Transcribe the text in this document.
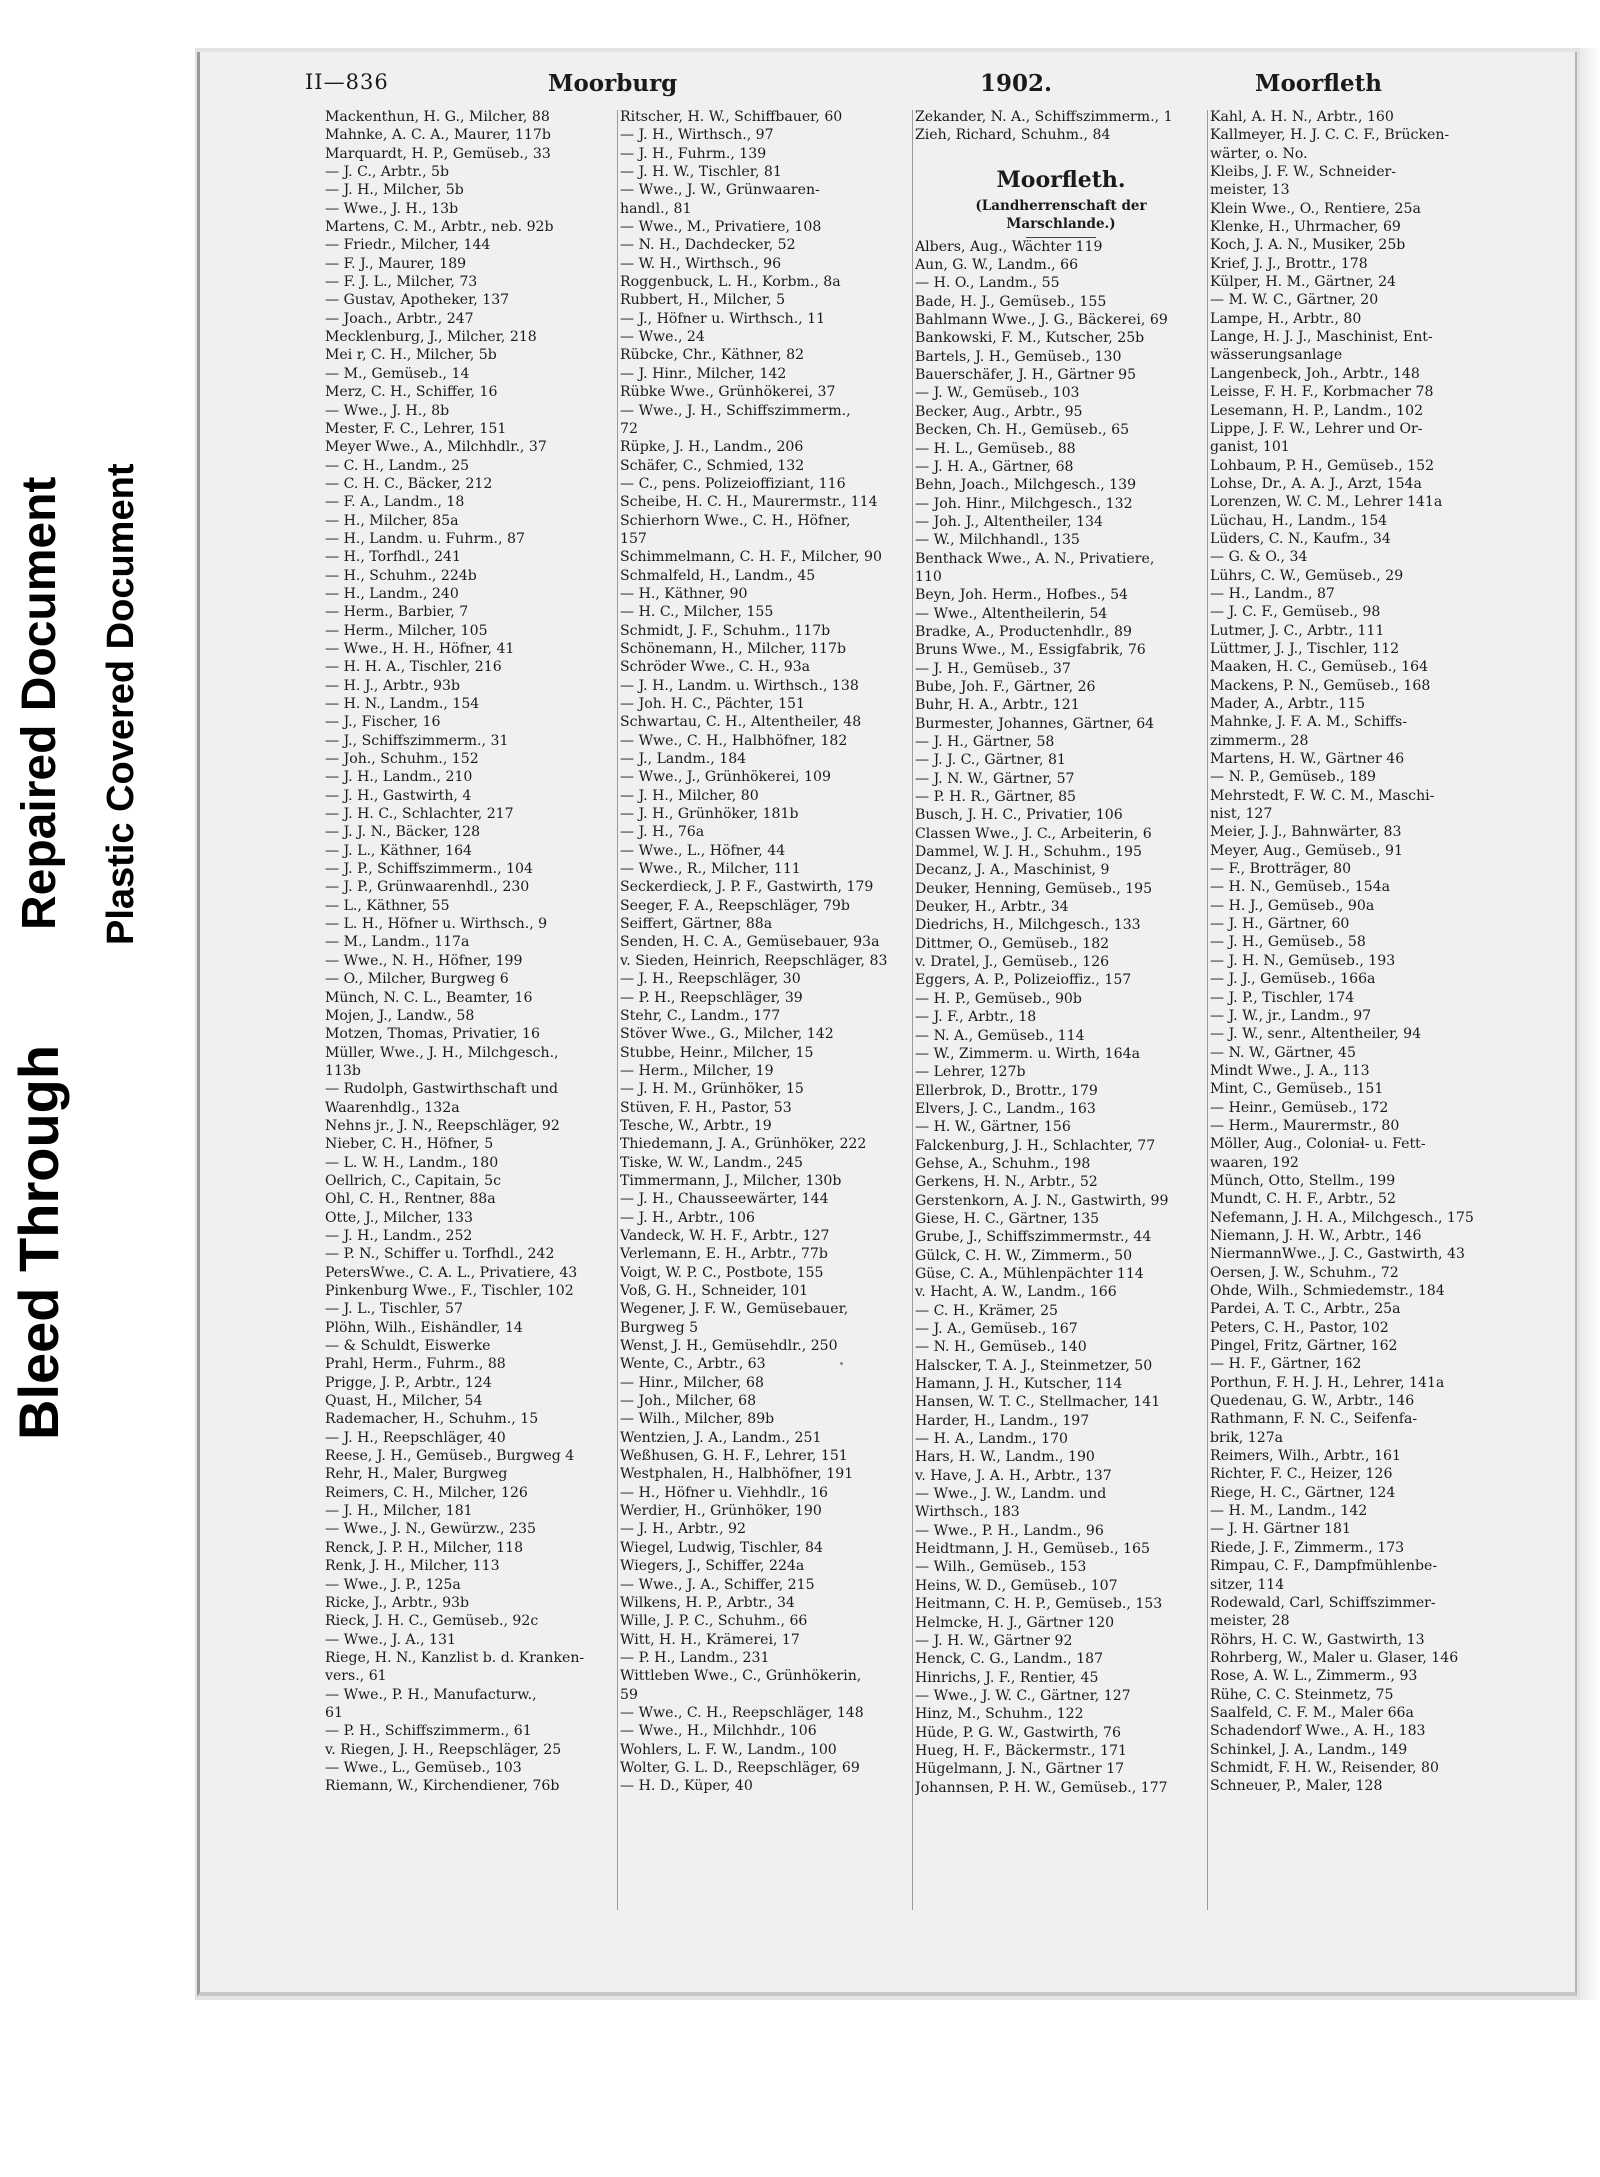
Bleed Through
Repaired Document Plastic Covered Document
II—836	Moorburg	1902.	Moorfleth
Mackenthun, H. G., Milcher, 88
Mahnke, A. C. A., Maurer, 117b
Marquardt, H. P., Gemüseb., 33
— J. C., Arbtr., 5b
— J. H., Milcher, 5b
— Wwe., J. H., 13b
Martens, C. M., Arbtr., neb. 92b
— Friedr., Milcher, 144
— F. J., Maurer, 189
— F. J. L., Milcher, 73
— Gustav, Apotheker, 137
— Joach., Arbtr., 247
Mecklenburg, J., Milcher, 218
Mei r, C. H., Milcher, 5b
— M., Gemüseb., 14
Merz, C. H., Schiffer, 16
— Wwe., J. H., 8b
Mester, F. C., Lehrer, 151
Meyer Wwe., A., Milchhdlr., 37
— C. H., Landm., 25
— C. H. C., Bäcker, 212
— F. A., Landm., 18
— H., Milcher, 85a
— H., Landm. u. Fuhrm., 87
— H., Torfhdl., 241
— H., Schuhm., 224b
— H., Landm., 240
— Herm., Barbier, 7
— Herm., Milcher, 105
— Wwe., H. H., Höfner, 41
— H. H. A., Tischler, 216
— H. J., Arbtr., 93b
— H. N., Landm., 154
— J., Fischer, 16
— J., Schiffszimmerm., 31
— Joh., Schuhm., 152
— J. H., Landm., 210
— J. H., Gastwirth, 4
— J. H. C., Schlachter, 217
— J. J. N., Bäcker, 128
— J. L., Käthner, 164
— J. P., Schiffszimmerm., 104
— J. P., Grünwaarenhdl., 230
— L., Käthner, 55
— L. H., Höfner u. Wirthsch., 9
— M., Landm., 117a
— Wwe., N. H., Höfner, 199
— O., Milcher, Burgweg 6
Münch, N. C. L., Beamter, 16
Mojen, J., Landw., 58
Motzen, Thomas, Privatier, 16
Müller, Wwe., J. H., Milchgesch.,
113b
— Rudolph, Gastwirthschaft und
Waarenhdlg., 132a
Nehns jr., J. N., Reepschläger, 92
Nieber, C. H., Höfner, 5
— L. W. H., Landm., 180
Oellrich, C., Capitain, 5c
Ohl, C. H., Rentner, 88a
Otte, J., Milcher, 133
— J. H., Landm., 252
— P. N., Schiffer u. Torfhdl., 242
PetersWwe., C. A. L., Privatiere, 43
Pinkenburg Wwe., F., Tischler, 102
— J. L., Tischler, 57
Plöhn, Wilh., Eishändler, 14
— & Schuldt, Eiswerke
Prahl, Herm., Fuhrm., 88
Prigge, J. P., Arbtr., 124
Quast, H., Milcher, 54
Rademacher, H., Schuhm., 15
— J. H., Reepschläger, 40
Reese, J. H., Gemüseb., Burgweg 4
Rehr, H., Maler, Burgweg
Reimers, C. H., Milcher, 126
— J. H., Milcher, 181
— Wwe., J. N., Gewürzw., 235
Renck, J. P. H., Milcher, 118
Renk, J. H., Milcher, 113
— Wwe., J. P., 125a
Ricke, J., Arbtr., 93b
Rieck, J. H. C., Gemüseb., 92c
— Wwe., J. A., 131
Riege, H. N., Kanzlist b. d. Kranken-
vers., 61
— Wwe., P. H., Manufacturw.,
61
— P. H., Schiffszimmerm., 61
v. Riegen, J. H., Reepschläger, 25
— Wwe., L., Gemüseb., 103
Riemann, W., Kirchendiener, 76b
Ritscher, H. W., Schiffbauer, 60
— J. H., Wirthsch., 97
— J. H., Fuhrm., 139
— J. H. W., Tischler, 81
— Wwe., J. W., Grünwaaren-
handl., 81
— Wwe., M., Privatiere, 108
— N. H., Dachdecker, 52
— W. H., Wirthsch., 96
Roggenbuck, L. H., Korbm., 8a
Rubbert, H., Milcher, 5
— J., Höfner u. Wirthsch., 11
— Wwe., 24
Rübcke, Chr., Käthner, 82
— J. Hinr., Milcher, 142
Rübke Wwe., Grünhökerei, 37
— Wwe., J. H., Schiffszimmerm.,
72
Rüpke, J. H., Landm., 206
Schäfer, C., Schmied, 132
— C., pens. Polizeioffiziant, 116
Scheibe, H. C. H., Maurermstr., 114
Schierhorn Wwe., C. H., Höfner,
157
Schimmelmann, C. H. F., Milcher, 90
Schmalfeld, H., Landm., 45
— H., Käthner, 90
— H. C., Milcher, 155
Schmidt, J. F., Schuhm., 117b
Schönemann, H., Milcher, 117b
Schröder Wwe., C. H., 93a
— J. H., Landm. u. Wirthsch., 138
— Joh. H. C., Pächter, 151
Schwartau, C. H., Altentheiler, 48
— Wwe., C. H., Halbhöfner, 182
— J., Landm., 184
— Wwe., J., Grünhökerei, 109
— J. H., Milcher, 80
— J. H., Grünhöker, 181b
— J. H., 76a
— Wwe., L., Höfner, 44
— Wwe., R., Milcher, 111
Seckerdieck, J. P. F., Gastwirth, 179
Seeger, F. A., Reepschläger, 79b
Seiffert, Gärtner, 88a
Senden, H. C. A., Gemüsebauer, 93a
v. Sieden, Heinrich, Reepschläger, 83
— J. H., Reepschläger, 30
— P. H., Reepschläger, 39
Stehr, C., Landm., 177
Stöver Wwe., G., Milcher, 142
Stubbe, Heinr., Milcher, 15
— Herm., Milcher, 19
— J. H. M., Grünhöker, 15
Stüven, F. H., Pastor, 53
Tesche, W., Arbtr., 19
Thiedemann, J. A., Grünhöker, 222
Tiske, W. W., Landm., 245
Timmermann, J., Milcher, 130b
— J. H., Chausseewärter, 144
— J. H., Arbtr., 106
Vandeck, W. H. F., Arbtr., 127
Verlemann, E. H., Arbtr., 77b
Voigt, W. P. C., Postbote, 155
Voß, G. H., Schneider, 101
Wegener, J. F. W., Gemüsebauer,
Burgweg 5
Wenst, J. H., Gemüsehdlr., 250
Wente, C., Arbtr., 63
— Hinr., Milcher, 68
— Joh., Milcher, 68
— Wilh., Milcher, 89b
Wentzien, J. A., Landm., 251
Weßhusen, G. H. F., Lehrer, 151
Westphalen, H., Halbhöfner, 191
— H., Höfner u. Viehhdlr., 16
Werdier, H., Grünhöker, 190
— J. H., Arbtr., 92
Wiegel, Ludwig, Tischler, 84
Wiegers, J., Schiffer, 224a
— Wwe., J. A., Schiffer, 215
Wilkens, H. P., Arbtr., 34
Wille, J. P. C., Schuhm., 66
Witt, H. H., Krämerei, 17
— P. H., Landm., 231
Wittleben Wwe., C., Grünhökerin,
59
— Wwe., C. H., Reepschläger, 148
— Wwe., H., Milchhdr., 106
Wohlers, L. F. W., Landm., 100
Wolter, G. L. D., Reepschläger, 69
— H. D., Küper, 40
Zekander, N. A., Schiffszimmerm., 1
Zieh, Richard, Schuhm., 84
Moorfleth.
(Landherrenschaft der
Marschlande.)
Albers, Aug., Wächter 119
Aun, G. W., Landm., 66
— H. O., Landm., 55
Bade, H. J., Gemüseb., 155
Bahlmann Wwe., J. G., Bäckerei, 69
Bankowski, F. M., Kutscher, 25b
Bartels, J. H., Gemüseb., 130
Bauerschäfer, J. H., Gärtner 95
— J. W., Gemüseb., 103
Becker, Aug., Arbtr., 95
Becken, Ch. H., Gemüseb., 65
— H. L., Gemüseb., 88
— J. H. A., Gärtner, 68
Behn, Joach., Milchgesch., 139
— Joh. Hinr., Milchgesch., 132
— Joh. J., Altentheiler, 134
— W., Milchhandl., 135
Benthack Wwe., A. N., Privatiere,
110
Beyn, Joh. Herm., Hofbes., 54
— Wwe., Altentheilerin, 54
Bradke, A., Productenhdlr., 89
Bruns Wwe., M., Essigfabrik, 76
— J. H., Gemüseb., 37
Bube, Joh. F., Gärtner, 26
Buhr, H. A., Arbtr., 121
Burmester, Johannes, Gärtner, 64
— J. H., Gärtner, 58
— J. J. C., Gärtner, 81
— J. N. W., Gärtner, 57
— P. H. R., Gärtner, 85
Busch, J. H. C., Privatier, 106
Classen Wwe., J. C., Arbeiterin, 6
Dammel, W. J. H., Schuhm., 195
Decanz, J. A., Maschinist, 9
Deuker, Henning, Gemüseb., 195
Deuker, H., Arbtr., 34
Diedrichs, H., Milchgesch., 133
Dittmer, O., Gemüseb., 182
v. Dratel, J., Gemüseb., 126
Eggers, A. P., Polizeioffiz., 157
— H. P., Gemüseb., 90b
— J. F., Arbtr., 18
— N. A., Gemüseb., 114
— W., Zimmerm. u. Wirth, 164a
— Lehrer, 127b
Ellerbrok, D., Brottr., 179
Elvers, J. C., Landm., 163
— H. W., Gärtner, 156
Falckenburg, J. H., Schlachter, 77
Gehse, A., Schuhm., 198
Gerkens, H. N., Arbtr., 52
Gerstenkorn, A. J. N., Gastwirth, 99
Giese, H. C., Gärtner, 135
Grube, J., Schiffszimmermstr., 44
Gülck, C. H. W., Zimmerm., 50
Güse, C. A., Mühlenpächter 114
v. Hacht, A. W., Landm., 166
— C. H., Krämer, 25
— J. A., Gemüseb., 167
— N. H., Gemüseb., 140
Halscker, T. A. J., Steinmetzer, 50
Hamann, J. H., Kutscher, 114
Hansen, W. T. C., Stellmacher, 141
Harder, H., Landm., 197
— H. A., Landm., 170
Hars, H. W., Landm., 190
v. Have, J. A. H., Arbtr., 137
— Wwe., J. W., Landm. und
Wirthsch., 183
— Wwe., P. H., Landm., 96
Heidtmann, J. H., Gemüseb., 165
— Wilh., Gemüseb., 153
Heins, W. D., Gemüseb., 107
Heitmann, C. H. P., Gemüseb., 153
Helmcke, H. J., Gärtner 120
— J. H. W., Gärtner 92
Henck, C. G., Landm., 187
Hinrichs, J. F., Rentier, 45
— Wwe., J. W. C., Gärtner, 127
Hinz, M., Schuhm., 122
Hüde, P. G. W., Gastwirth, 76
Hueg, H. F., Bäckermstr., 171
Hügelmann, J. N., Gärtner 17
Johannsen, P. H. W., Gemüseb., 177
Kahl, A. H. N., Arbtr., 160
Kallmeyer, H. J. C. C. F., Brücken-
wärter, o. No.
Kleibs, J. F. W., Schneider-
meister, 13
Klein Wwe., O., Rentiere, 25a
Klenke, H., Uhrmacher, 69
Koch, J. A. N., Musiker, 25b
Krief, J. J., Brottr., 178
Külper, H. M., Gärtner, 24
— M. W. C., Gärtner, 20
Lampe, H., Arbtr., 80
Lange, H. J. J., Maschinist, Ent-
wässerungsanlage
Langenbeck, Joh., Arbtr., 148
Leisse, F. H. F., Korbmacher 78
Lesemann, H. P., Landm., 102
Lippe, J. F. W., Lehrer und Or-
ganist, 101
Lohbaum, P. H., Gemüseb., 152
Lohse, Dr., A. A. J., Arzt, 154a
Lorenzen, W. C. M., Lehrer 141a
Lüchau, H., Landm., 154
Lüders, C. N., Kaufm., 34
— G. & O., 34
Lührs, C. W., Gemüseb., 29
— H., Landm., 87
— J. C. F., Gemüseb., 98
Lutmer, J. C., Arbtr., 111
Lüttmer, J. J., Tischler, 112
Maaken, H. C., Gemüseb., 164
Mackens, P. N., Gemüseb., 168
Mader, A., Arbtr., 115
Mahnke, J. F. A. M., Schiffs-
zimmerm., 28
Martens, H. W., Gärtner 46
— N. P., Gemüseb., 189
Mehrstedt, F. W. C. M., Maschi-
nist, 127
Meier, J. J., Bahnwärter, 83
Meyer, Aug., Gemüseb., 91
— F., Brotträger, 80
— H. N., Gemüseb., 154a
— H. J., Gemüseb., 90a
— J. H., Gärtner, 60
— J. H., Gemüseb., 58
— J. H. N., Gemüseb., 193
— J. J., Gemüseb., 166a
— J. P., Tischler, 174
— J. W., jr., Landm., 97
— J. W., senr., Altentheiler, 94
— N. W., Gärtner, 45
Mindt Wwe., J. A., 113
Mint, C., Gemüseb., 151
— Heinr., Gemüseb., 172
— Herm., Maurermstr., 80
Möller, Aug., Colonial- u. Fett-
waaren, 192
Münch, Otto, Stellm., 199
Mundt, C. H. F., Arbtr., 52
Nefemann, J. H. A., Milchgesch., 175
Niemann, J. H. W., Arbtr., 146
NiermannWwe., J. C., Gastwirth, 43
Oersen, J. W., Schuhm., 72
Ohde, Wilh., Schmiedemstr., 184
Pardei, A. T. C., Arbtr., 25a
Peters, C. H., Pastor, 102
Pingel, Fritz, Gärtner, 162
— H. F., Gärtner, 162
Porthun, F. H. J. H., Lehrer, 141a
Quedenau, G. W., Arbtr., 146
Rathmann, F. N. C., Seifenfa-
brik, 127a
Reimers, Wilh., Arbtr., 161
Richter, F. C., Heizer, 126
Riege, H. C., Gärtner, 124
— H. M., Landm., 142
— J. H. Gärtner 181
Riede, J. F., Zimmerm., 173
Rimpau, C. F., Dampfmühlenbe-
sitzer, 114
Rodewald, Carl, Schiffszimmer-
meister, 28
Röhrs, H. C. W., Gastwirth, 13
Rohrberg, W., Maler u. Glaser, 146
Rose, A. W. L., Zimmerm., 93
Rühe, C. C. Steinmetz, 75
Saalfeld, C. F. M., Maler 66a
Schadendorf Wwe., A. H., 183
Schinkel, J. A., Landm., 149
Schmidt, F. H. W., Reisender, 80
Schneuer, P., Maler, 128
